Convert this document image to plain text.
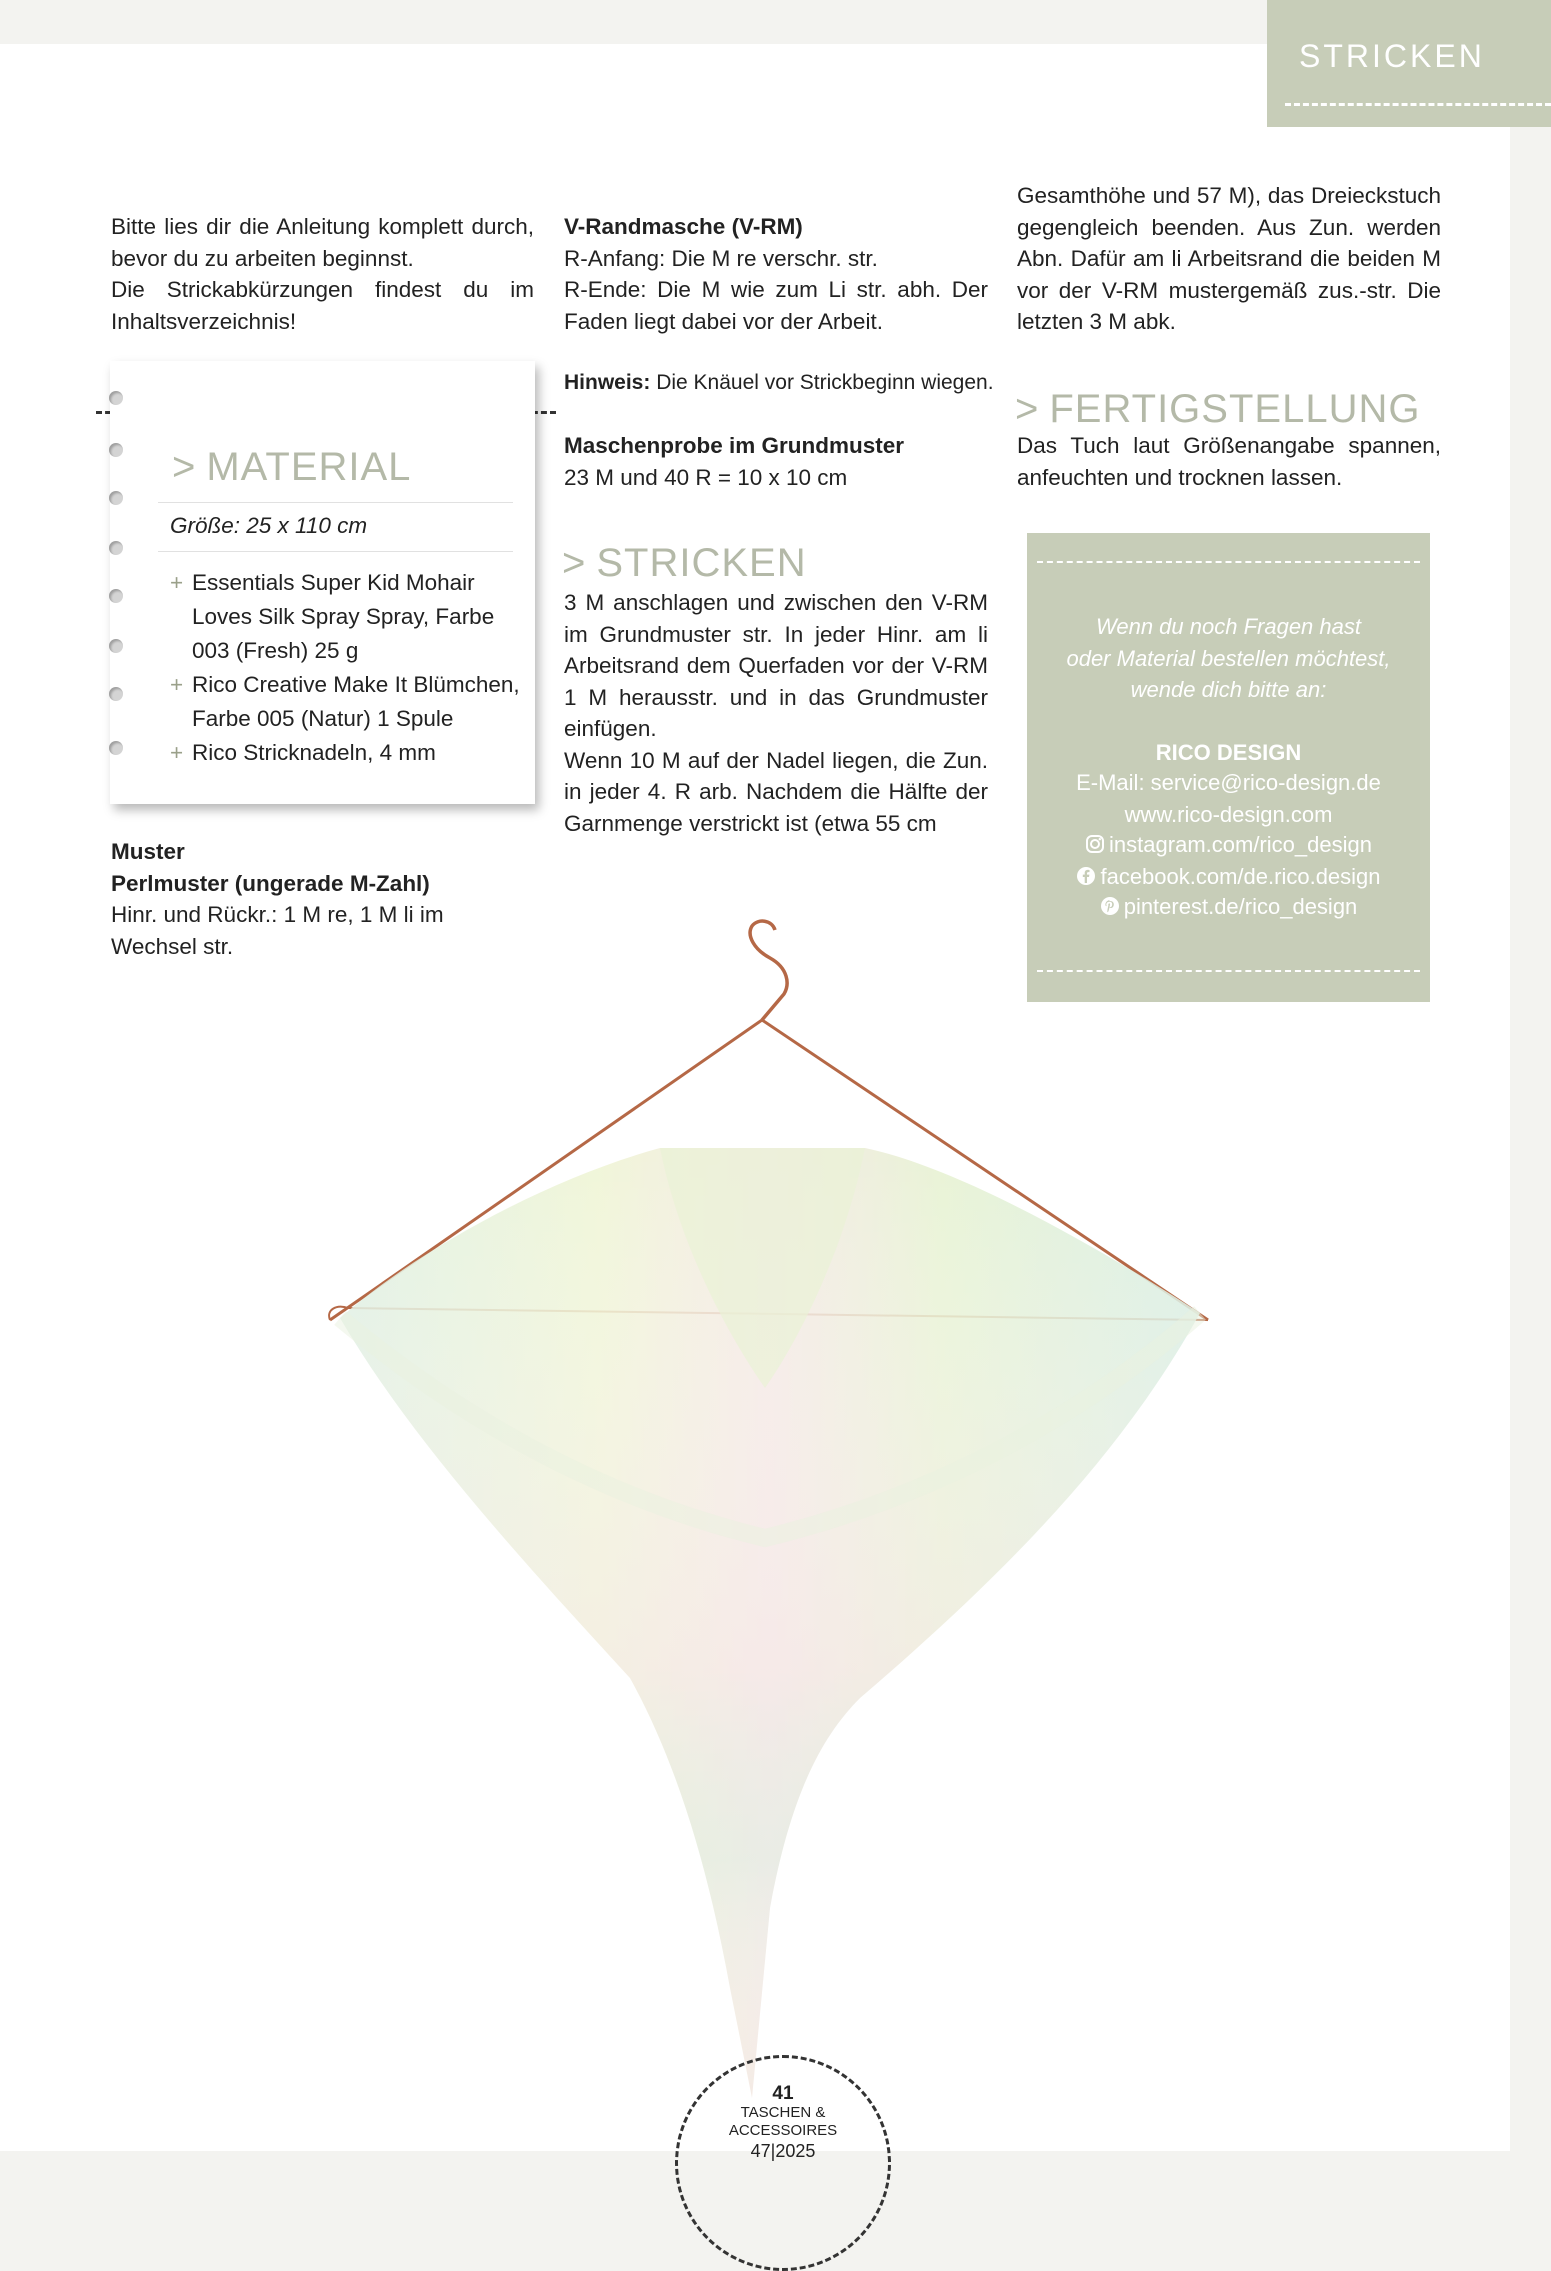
STRICKEN

Bitte lies dir die Anleitung komplett durch, bevor du zu arbeiten beginnst.

Die Strickabkürzungen findest du im Inhaltsverzeichnis!

> MATERIAL
Größe: 25 x 110 cm
+ Essentials Super Kid Mohair Loves Silk Spray Spray, Farbe 003 (Fresh) 25 g
+ Rico Creative Make It Blümchen, Farbe 005 (Natur) 1 Spule
+ Rico Stricknadeln, 4 mm

Muster

Perlmuster (ungerade M-Zahl)

Hinr. und Rückr.: 1 M re, 1 M li im Wechsel str.

V-Randmasche (V-RM)

R-Anfang: Die M re verschr. str.

R-Ende: Die M wie zum Li str. abh. Der Faden liegt dabei vor der Arbeit.

Hinweis: Die Knäuel vor Strickbeginn wiegen.

Maschenprobe im Grundmuster

23 M und 40 R = 10 x 10 cm

> STRICKEN

3 M anschlagen und zwischen den V-RM im Grundmuster str. In jeder Hinr. am li Arbeitsrand dem Querfaden vor der V-RM 1 M herausstr. und in das Grundmuster einfügen.

Wenn 10 M auf der Nadel liegen, die Zun. in jeder 4. R arb. Nachdem die Hälfte der Garnmenge verstrickt ist (etwa 55 cm

Gesamthöhe und 57 M), das Dreieckstuch gegengleich beenden. Aus Zun. werden Abn. Dafür am li Arbeitsrand die beiden M vor der V-RM mustergemäß zus.-str. Die letzten 3 M abk.

> FERTIGSTELLUNG

Das Tuch laut Größenangabe spannen, anfeuchten und trocknen lassen.

Wenn du noch Fragen hast
oder Material bestellen möchtest,
wende dich bitte an:
RICO DESIGN
E-Mail: service@rico-design.de
www.rico-design.com
instagram.com/rico_design
facebook.com/de.rico.design
pinterest.de/rico_design
41
TASCHEN &
ACCESSOIRES
47|2025
